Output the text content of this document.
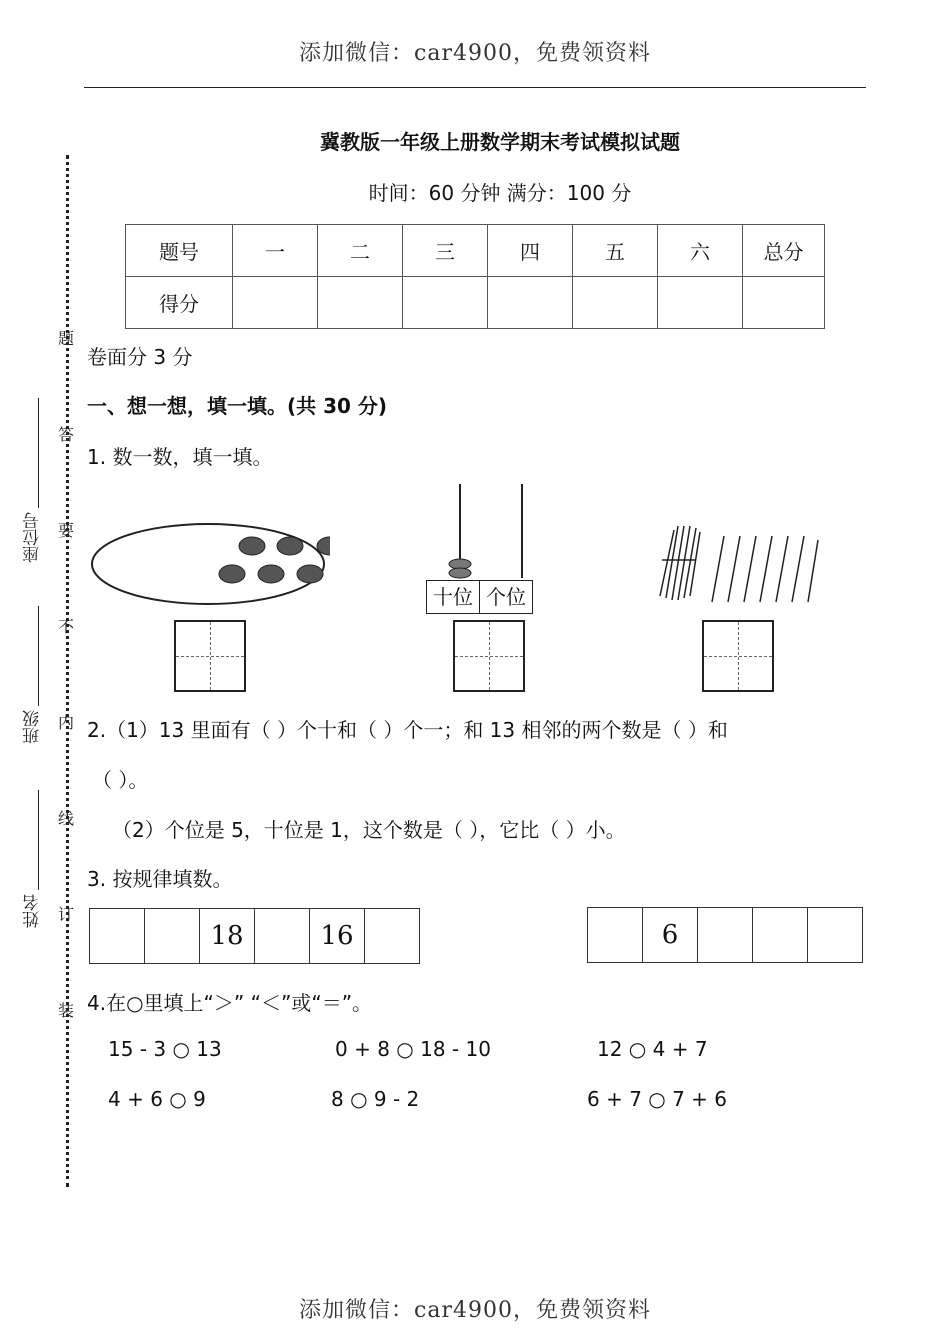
添加微信：car4900，免费领资料
添加微信：car4900，免费领资料
冀教版一年级上册数学期末考试模拟试题
时间：60 分钟 满分：100 分
题号	一	二	三	四	五	六	总分
得分							
题
答
要
不
内
线
订
装
座位号
班级
姓名
卷面分 3 分
一、想一想，填一填。(共 30 分)
1. 数一数，填一填。
十位 个位
2.（1）13 里面有（ ）个十和（ ）个一；和 13 相邻的两个数是（ ）和
（ ）。
（2）个位是 5，十位是 1，这个数是（ ），它比（ ）小。
3. 按规律填数。
18	16	6
4.在○里填上“＞” “＜”或“＝”。
15 - 3 ○ 13	0 + 8 ○ 18 - 10	12 ○ 4 + 7
4 + 6 ○ 9	8 ○ 9 - 2	6 + 7 ○ 7 + 6
